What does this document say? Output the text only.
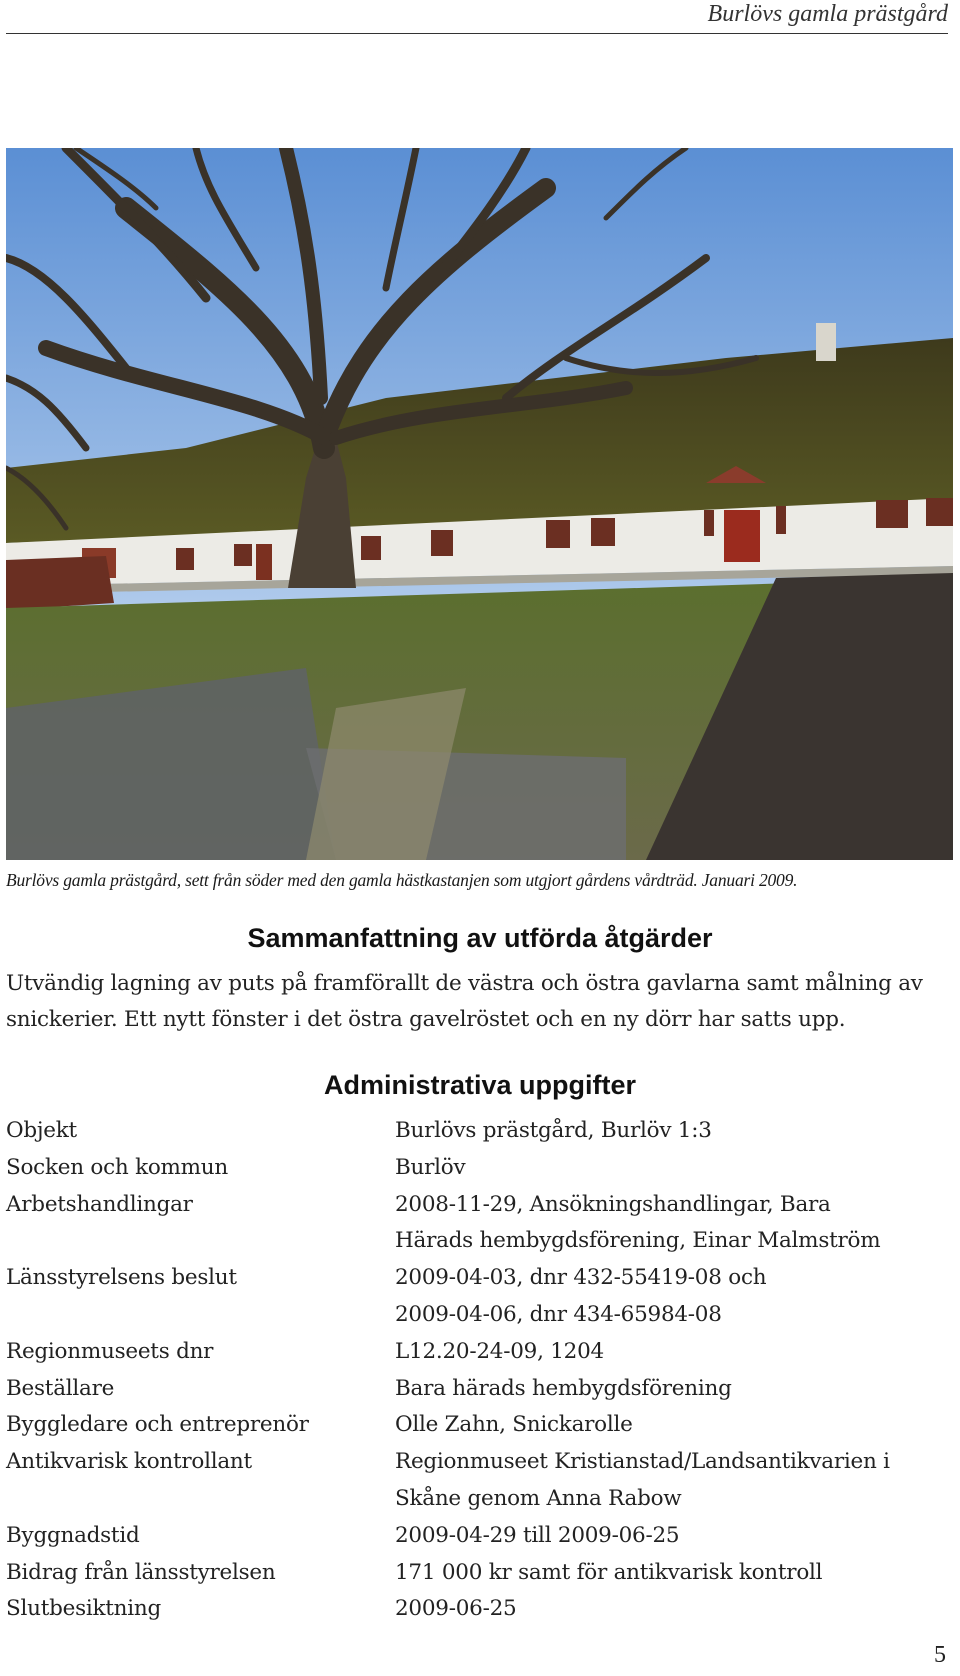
Burlövs gamla prästgård
Burlövs gamla prästgård, sett från söder med den gamla hästkastanjen som utgjort gårdens vårdträd. Januari 2009.
Sammanfattning av utförda åtgärder

Utvändig lagning av puts på framförallt de västra och östra gavlarna samt målning av snickerier. Ett nytt fönster i det östra gavelröstet och en ny dörr har satts upp.

Administrativa uppgifter
Objekt	Burlövs prästgård, Burlöv 1:3
Socken och kommun	Burlöv
Arbetshandlingar	2008-11-29, Ansökningshandlingar, Bara
Härads hembygdsförening, Einar Malmström
Länsstyrelsens beslut	2009-04-03, dnr 432-55419-08 och
2009-04-06, dnr 434-65984-08
Regionmuseets dnr	L12.20-24-09, 1204
Beställare	Bara härads hembygdsförening
Byggledare och entreprenör	Olle Zahn, Snickarolle
Antikvarisk kontrollant	Regionmuseet Kristianstad/Landsantikvarien i
Skåne genom Anna Rabow
Byggnadstid	2009-04-29 till 2009-06-25
Bidrag från länsstyrelsen	171 000 kr samt för antikvarisk kontroll
Slutbesiktning	2009-06-25
5
